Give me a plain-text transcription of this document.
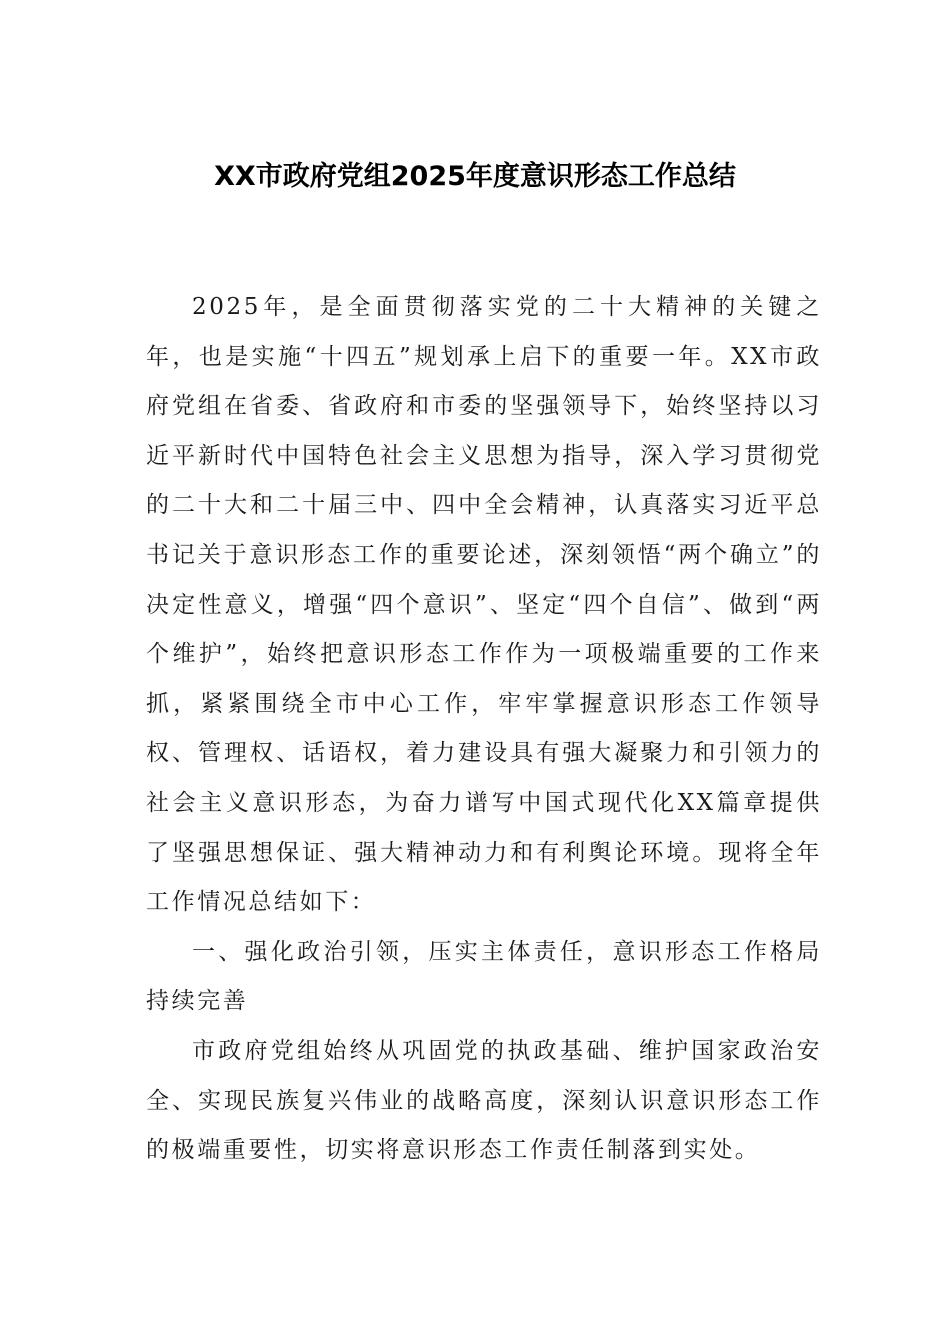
XX市政府党组2025年度意识形态工作总结

2025年，是全面贯彻落实党的二十大精神的关键之年，也是实施“十四五”规划承上启下的重要一年。XX市政府党组在省委、省政府和市委的坚强领导下，始终坚持以习近平新时代中国特色社会主义思想为指导，深入学习贯彻党的二十大和二十届三中、四中全会精神，认真落实习近平总书记关于意识形态工作的重要论述，深刻领悟“两个确立”的决定性意义，增强“四个意识”、坚定“四个自信”、做到“两个维护”，始终把意识形态工作作为一项极端重要的工作来抓，紧紧围绕全市中心工作，牢牢掌握意识形态工作领导权、管理权、话语权，着力建设具有强大凝聚力和引领力的社会主义意识形态，为奋力谱写中国式现代化XX篇章提供了坚强思想保证、强大精神动力和有利舆论环境。现将全年工作情况总结如下：

一、强化政治引领，压实主体责任，意识形态工作格局持续完善

市政府党组始终从巩固党的执政基础、维护国家政治安全、实现民族复兴伟业的战略高度，深刻认识意识形态工作的极端重要性，切实将意识形态工作责任制落到实处。
